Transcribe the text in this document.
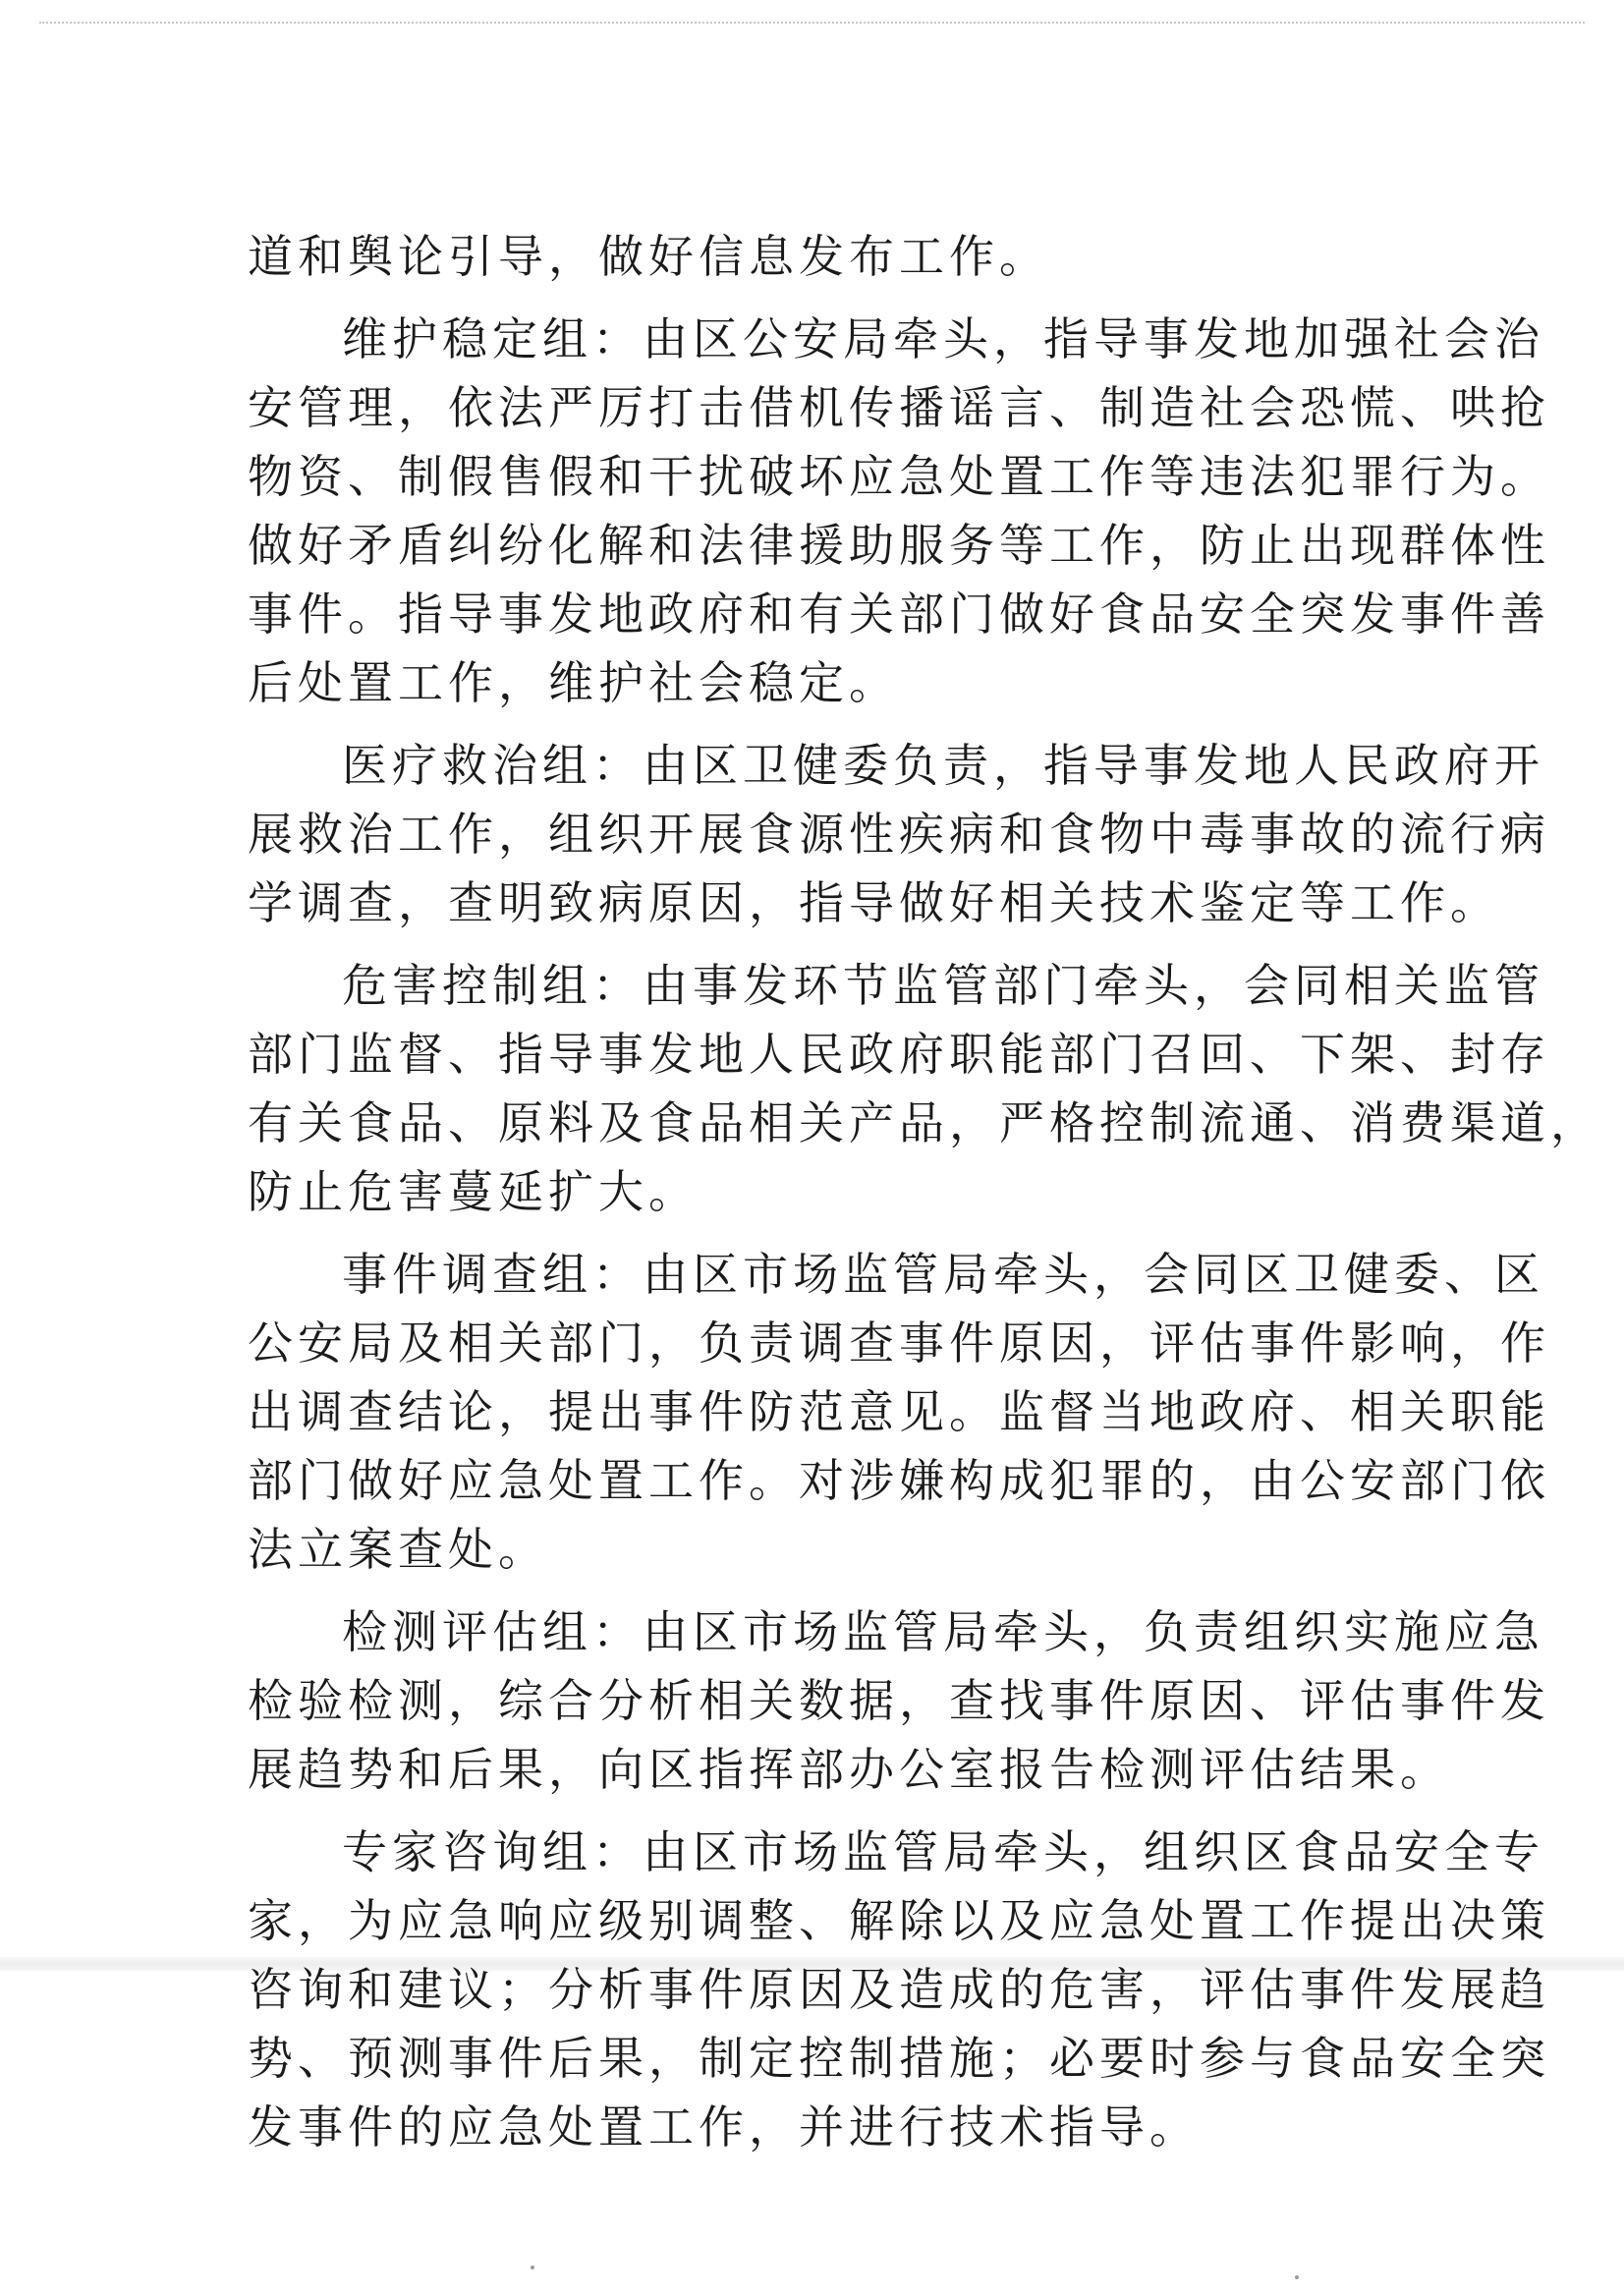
道和舆论引导，做好信息发布工作。
维护稳定组：由区公安局牵头，指导事发地加强社会治
安管理，依法严厉打击借机传播谣言、制造社会恐慌、哄抢
物资、制假售假和干扰破坏应急处置工作等违法犯罪行为。
做好矛盾纠纷化解和法律援助服务等工作，防止出现群体性
事件。指导事发地政府和有关部门做好食品安全突发事件善
后处置工作，维护社会稳定。
医疗救治组：由区卫健委负责，指导事发地人民政府开
展救治工作，组织开展食源性疾病和食物中毒事故的流行病
学调查，查明致病原因，指导做好相关技术鉴定等工作。
危害控制组：由事发环节监管部门牵头，会同相关监管
部门监督、指导事发地人民政府职能部门召回、下架、封存
有关食品、原料及食品相关产品，严格控制流通、消费渠道，
防止危害蔓延扩大。
事件调查组：由区市场监管局牵头，会同区卫健委、区
公安局及相关部门，负责调查事件原因，评估事件影响，作
出调查结论，提出事件防范意见。监督当地政府、相关职能
部门做好应急处置工作。对涉嫌构成犯罪的，由公安部门依
法立案查处。
检测评估组：由区市场监管局牵头，负责组织实施应急
检验检测，综合分析相关数据，查找事件原因、评估事件发
展趋势和后果，向区指挥部办公室报告检测评估结果。
专家咨询组：由区市场监管局牵头，组织区食品安全专
家，为应急响应级别调整、解除以及应急处置工作提出决策
咨询和建议；分析事件原因及造成的危害，评估事件发展趋
势、预测事件后果，制定控制措施；必要时参与食品安全突
发事件的应急处置工作，并进行技术指导。
